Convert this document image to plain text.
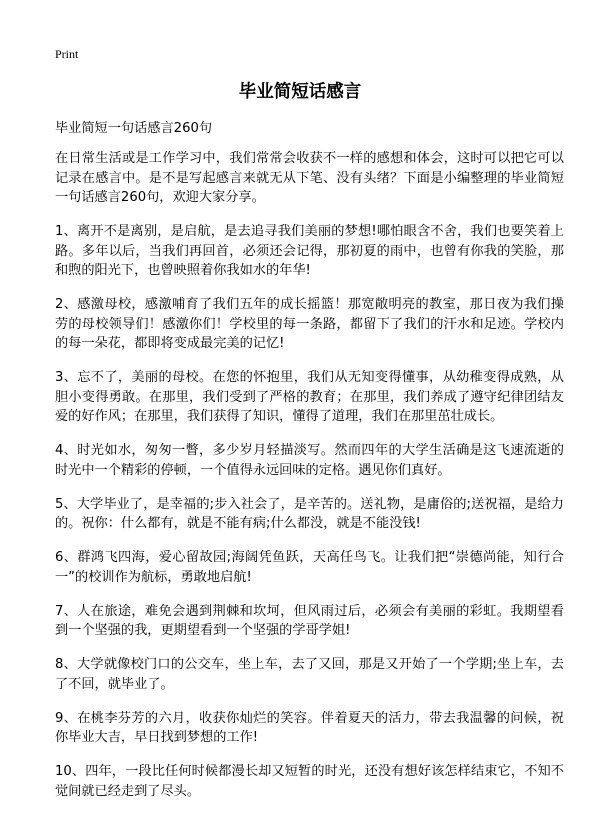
Print
毕业简短话感言

毕业简短一句话感言260句

在日常生活或是工作学习中，我们常常会收获不一样的感想和体会，这时可以把它可以记录在感言中。是不是写起感言来就无从下笔、没有头绪？下面是小编整理的毕业简短一句话感言260句，欢迎大家分享。

1、离开不是离别，是启航，是去追寻我们美丽的梦想!哪怕眼含不舍，我们也要笑着上路。多年以后，当我们再回首，必须还会记得，那初夏的雨中，也曾有你我的笑脸，那和煦的阳光下，也曾映照着你我如水的年华!

2、感激母校，感激哺育了我们五年的成长摇篮！那宽敞明亮的教室，那日夜为我们操劳的母校领导们！感激你们！学校里的每一条路，都留下了我们的汗水和足迹。学校内的每一朵花，都即将变成最完美的记忆!

3、忘不了，美丽的母校。在您的怀抱里，我们从无知变得懂事，从幼稚变得成熟，从胆小变得勇敢。在那里，我们受到了严格的教育；在那里，我们养成了遵守纪律团结友爱的好作风；在那里，我们获得了知识，懂得了道理，我们在那里茁壮成长。

4、时光如水，匆匆一瞥，多少岁月轻描淡写。然而四年的大学生活确是这飞速流逝的时光中一个精彩的停顿，一个值得永远回味的定格。遇见你们真好。

5、大学毕业了，是幸福的;步入社会了，是辛苦的。送礼物，是庸俗的;送祝福，是给力的。祝你：什么都有，就是不能有病;什么都没，就是不能没钱!

6、群鸿飞四海，爱心留故园;海阔凭鱼跃，天高任鸟飞。让我们把“崇德尚能，知行合一”的校训作为航标，勇敢地启航!

7、人在旅途，难免会遇到荆棘和坎坷，但风雨过后，必须会有美丽的彩虹。我期望看到一个坚强的我，更期望看到一个坚强的学哥学姐!

8、大学就像校门口的公交车，坐上车，去了又回，那是又开始了一个学期;坐上车，去了不回，就毕业了。

9、在桃李芬芳的六月，收获你灿烂的笑容。伴着夏天的活力，带去我温馨的问候，祝你毕业大吉，早日找到梦想的工作!

10、四年，一段比任何时候都漫长却又短暂的时光，还没有想好该怎样结束它，不知不觉间就已经走到了尽头。
